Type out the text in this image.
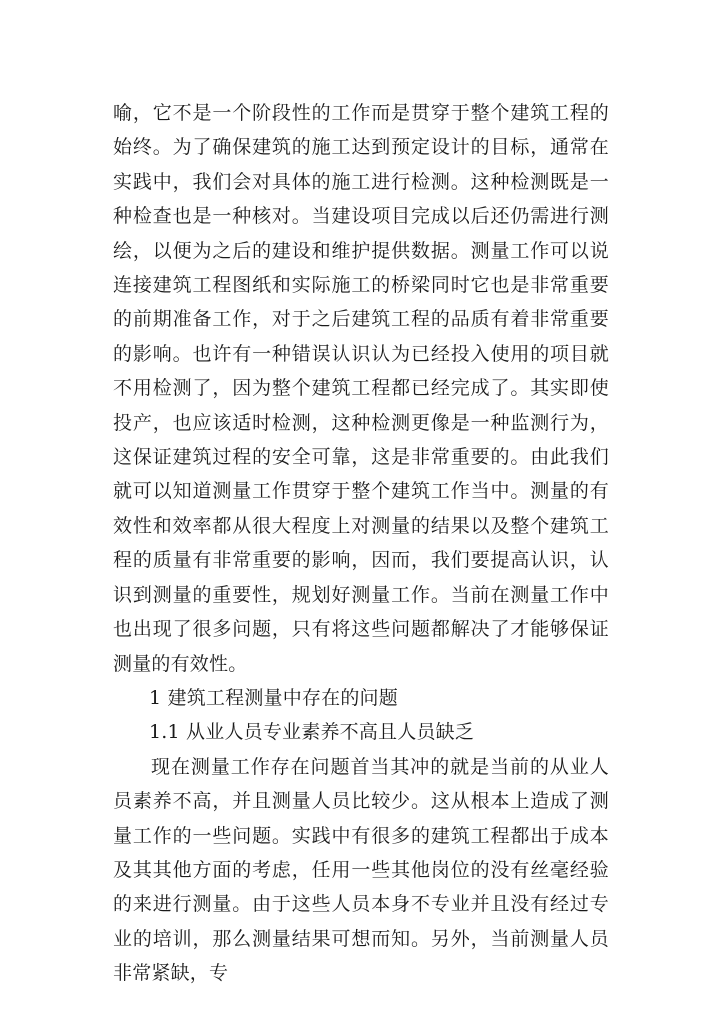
喻，它不是一个阶段性的工作而是贯穿于整个建筑工程的始终。为了确保建筑的施工达到预定设计的目标，通常在实践中，我们会对具体的施工进行检测。这种检测既是一种检查也是一种核对。当建设项目完成以后还仍需进行测绘，以便为之后的建设和维护提供数据。测量工作可以说连接建筑工程图纸和实际施工的桥梁同时它也是非常重要的前期准备工作，对于之后建筑工程的品质有着非常重要的影响。也许有一种错误认识认为已经投入使用的项目就不用检测了，因为整个建筑工程都已经完成了。其实即使投产，也应该适时检测，这种检测更像是一种监测行为，这保证建筑过程的安全可靠，这是非常重要的。由此我们就可以知道测量工作贯穿于整个建筑工作当中。测量的有效性和效率都从很大程度上对测量的结果以及整个建筑工程的质量有非常重要的影响，因而，我们要提高认识，认识到测量的重要性，规划好测量工作。当前在测量工作中也出现了很多问题，只有将这些问题都解决了才能够保证测量的有效性。

1 建筑工程测量中存在的问题

1.1 从业人员专业素养不高且人员缺乏

现在测量工作存在问题首当其冲的就是当前的从业人员素养不高，并且测量人员比较少。这从根本上造成了测量工作的一些问题。实践中有很多的建筑工程都出于成本及其其他方面的考虑，任用一些其他岗位的没有丝毫经验的来进行测量。由于这些人员本身不专业并且没有经过专业的培训，那么测量结果可想而知。另外，当前测量人员非常紧缺，专
